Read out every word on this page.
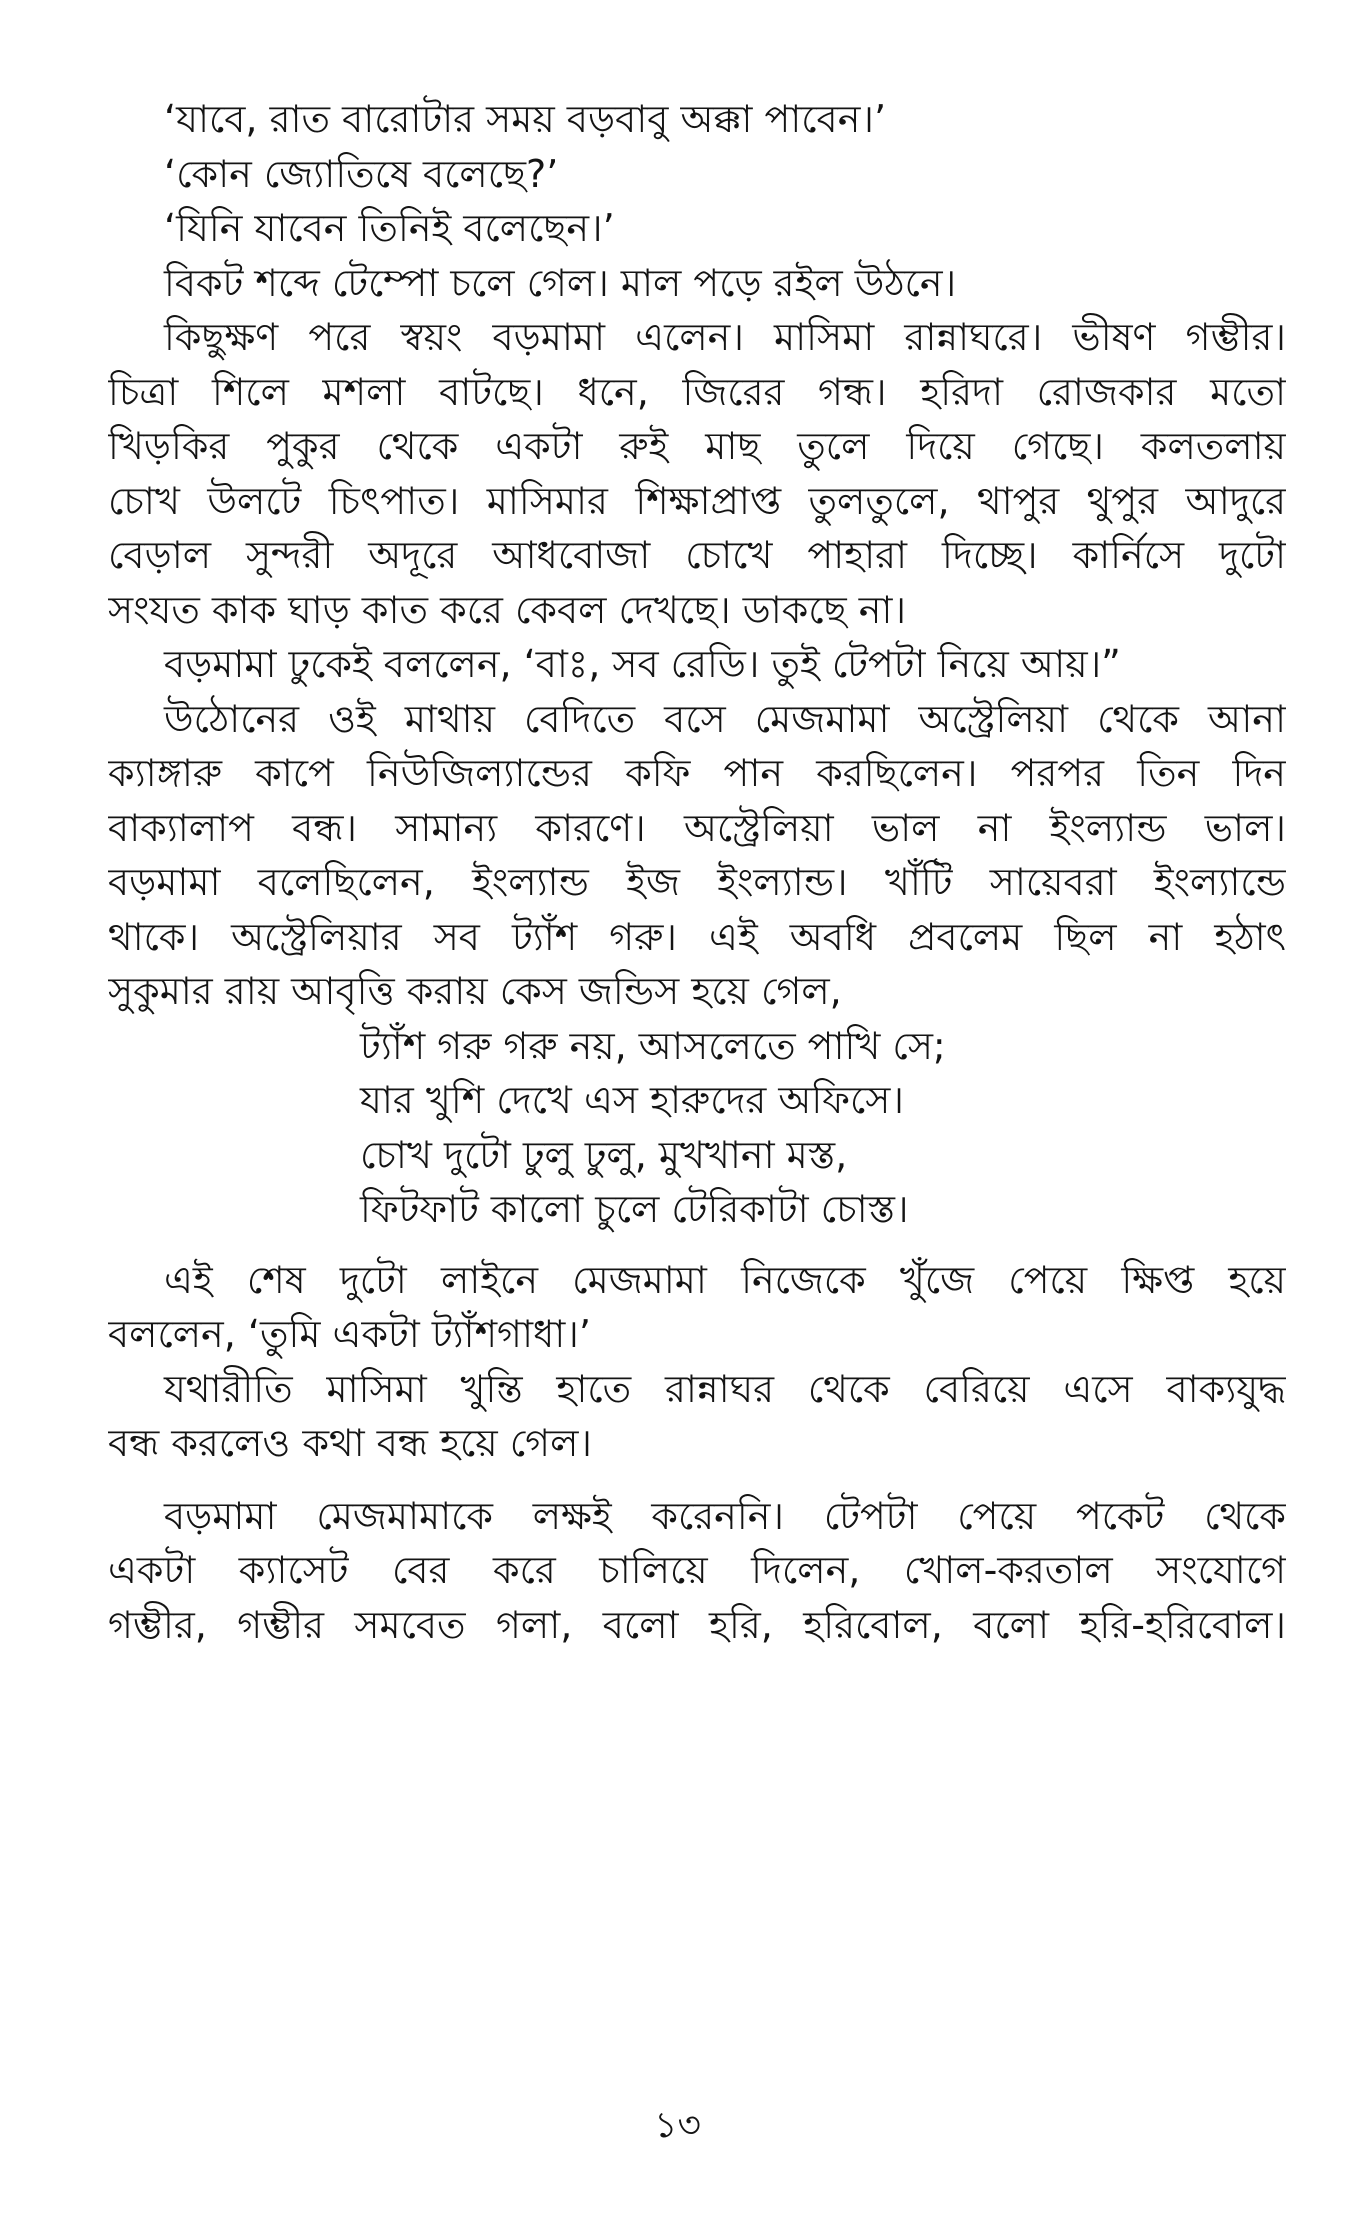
‘যাবে, রাত বারোটার সময় বড়বাবু অক্কা পাবেন।’
‘কোন জ্যোতিষে বলেছে?’
‘যিনি যাবেন তিনিই বলেছেন।’
বিকট শব্দে টেম্পো চলে গেল। মাল পড়ে রইল উঠনে।
কিছুক্ষণ পরে স্বয়ং বড়মামা এলেন। মাসিমা রান্নাঘরে। ভীষণ গম্ভীর।
চিত্রা শিলে মশলা বাটছে। ধনে, জিরের গন্ধ। হরিদা রোজকার মতো
খিড়কির পুকুর থেকে একটা রুই মাছ তুলে দিয়ে গেছে। কলতলায়
চোখ উলটে চিৎপাত। মাসিমার শিক্ষাপ্রাপ্ত তুলতুলে, থাপুর থুপুর আদুরে
বেড়াল সুন্দরী অদূরে আধবোজা চোখে পাহারা দিচ্ছে। কার্নিসে দুটো
সংযত কাক ঘাড় কাত করে কেবল দেখছে। ডাকছে না।
বড়মামা ঢুকেই বললেন, ‘বাঃ, সব রেডি। তুই টেপটা নিয়ে আয়।”
উঠোনের ওই মাথায় বেদিতে বসে মেজমামা অস্ট্রেলিয়া থেকে আনা
ক্যাঙ্গারু কাপে নিউজিল্যান্ডের কফি পান করছিলেন। পরপর তিন দিন
বাক্যালাপ বন্ধ। সামান্য কারণে। অস্ট্রেলিয়া ভাল না ইংল্যান্ড ভাল।
বড়মামা বলেছিলেন, ইংল্যান্ড ইজ ইংল্যান্ড। খাঁটি সায়েবরা ইংল্যান্ডে
থাকে। অস্ট্রেলিয়ার সব ট্যাঁশ গরু। এই অবধি প্রবলেম ছিল না হঠাৎ
সুকুমার রায় আবৃত্তি করায় কেস জন্ডিস হয়ে গেল,
ট্যাঁশ গরু গরু নয়, আসলেতে পাখি সে;
যার খুশি দেখে এস হারুদের অফিসে।
চোখ দুটো ঢুলু ঢুলু, মুখখানা মস্ত,
ফিটফাট কালো চুলে টেরিকাটা চোস্ত।
এই শেষ দুটো লাইনে মেজমামা নিজেকে খুঁজে পেয়ে ক্ষিপ্ত হয়ে
বললেন, ‘তুমি একটা ট্যাঁশগাধা।’
যথারীতি মাসিমা খুন্তি হাতে রান্নাঘর থেকে বেরিয়ে এসে বাক্যযুদ্ধ
বন্ধ করলেও কথা বন্ধ হয়ে গেল।
বড়মামা মেজমামাকে লক্ষই করেননি। টেপটা পেয়ে পকেট থেকে
একটা ক্যাসেট বের করে চালিয়ে দিলেন, খোল-করতাল সংযোগে
গম্ভীর, গম্ভীর সমবেত গলা, বলো হরি, হরিবোল, বলো হরি-হরিবোল।
১৩
